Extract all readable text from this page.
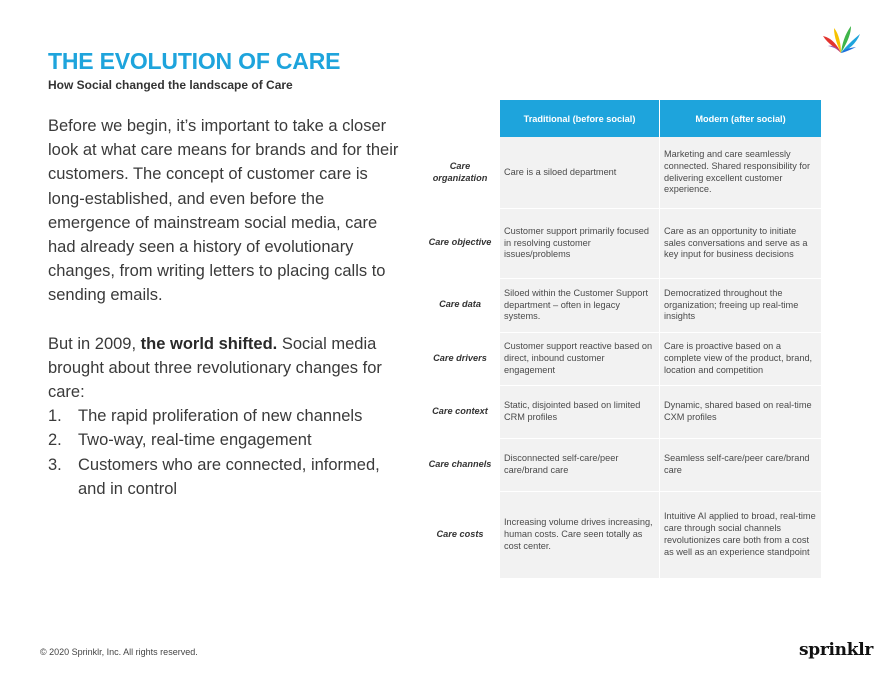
THE EVOLUTION OF CARE
How Social changed the landscape of Care

Before we begin, it’s important to take a closer look at what care means for brands and for their customers. The concept of customer care is long-established, and even before the emergence of mainstream social media, care had already seen a history of evolutionary changes, from writing letters to placing calls to sending emails.

But in 2009, the world shifted. Social media brought about three revolutionary changes for care:

1. The rapid proliferation of new channels
2. Two-way, real-time engagement
3. Customers who are connected, informed, and in control
	Traditional (before social)	Modern (after social)
Care organization	Care is a siloed department	Marketing and care seamlessly connected. Shared responsibility for delivering excellent customer experience.
Care objective	Customer support primarily focused in resolving customer issues/problems	Care as an opportunity to initiate sales conversations and serve as a key input for business decisions
Care data	Siloed within the Customer Support department – often in legacy systems.	Democratized throughout the organization; freeing up real-time insights
Care drivers	Customer support reactive based on direct, inbound customer engagement	Care is proactive based on a complete view of the product, brand, location and competition
Care context	Static, disjointed based on limited CRM profiles	Dynamic, shared based on real-time CXM profiles
Care channels	Disconnected self-care/peer care/brand care	Seamless self-care/peer care/brand care
Care costs	Increasing volume drives increasing, human costs. Care seen totally as cost center.	Intuitive AI applied to broad, real-time care through social channels revolutionizes care both from a cost as well as an experience standpoint
© 2020 Sprinklr, Inc. All rights reserved.	sprinklr
